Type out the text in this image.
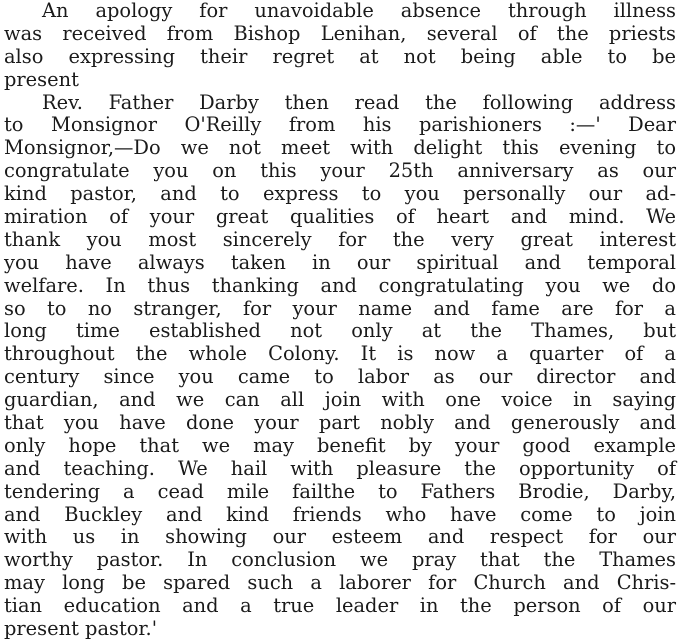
An apology for unavoidable absence through illness
was received from Bishop Lenihan, several of the priests
also expressing their regret at not being able to be
present
Rev. Father Darby then read the following address
to Monsignor O'Reilly from his parishioners :—' Dear
Monsignor,—Do we not meet with delight this evening to
congratulate you on this your 25th anniversary as our
kind pastor, and to express to you personally our ad-
miration of your great qualities of heart and mind. We
thank you most sincerely for the very great interest
you have always taken in our spiritual and temporal
welfare. In thus thanking and congratulating you we do
so to no stranger, for your name and fame are for a
long time established not only at the Thames, but
throughout the whole Colony. It is now a quarter of a
century since you came to labor as our director and
guardian, and we can all join with one voice in saying
that you have done your part nobly and generously and
only hope that we may benefit by your good example
and teaching. We hail with pleasure the opportunity of
tendering a cead mile failthe to Fathers Brodie, Darby,
and Buckley and kind friends who have come to join
with us in showing our esteem and respect for our
worthy pastor. In conclusion we pray that the Thames
may long be spared such a laborer for Church and Chris-
tian education and a true leader in the person of our
present pastor.'
